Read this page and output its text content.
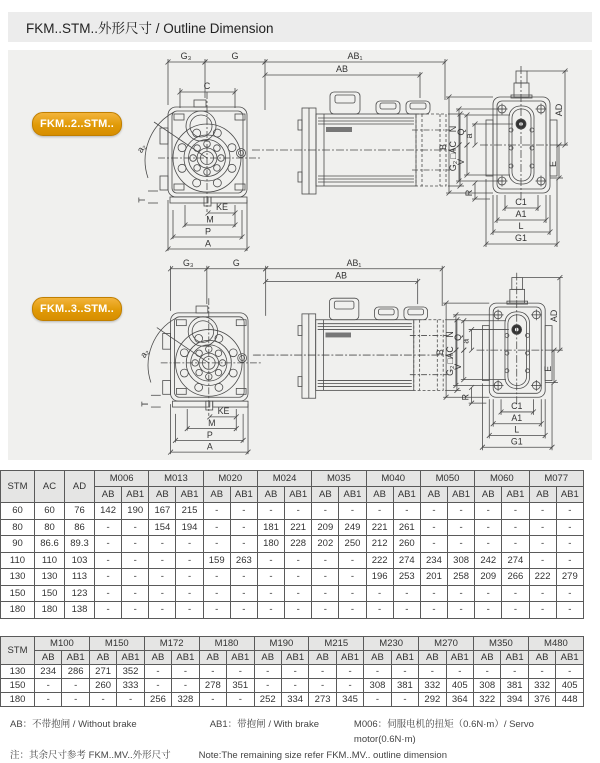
FKM..STM..外形尺寸 / Outline Dimension
a₂
T
KE
M
P
A
G₃	G	AB₁
AB
C
□AC
B
N
Q
a
G₂
V
R
AD
E
C1
A1
L
G1
FKM..2..STM..
a₂
T
KE
M
P
A
G₃	G	AB₁
AB
□AC
B
N
Q
a
G₂
V
R
AD
E
C1
A1
L
G1
FKM..3..STM..
STM	AC	AD	M006		M013		M020		M024		M035		M040		M050		M060		M077	
			AB	AB1	AB	AB1	AB	AB1	AB	AB1	AB	AB1	AB	AB1	AB	AB1	AB	AB1	AB	AB1
60	60	76	142	190	167	215	-	-	-	-	-	-	-	-	-	-	-	-	-	-
80	80	86	-	-	154	194	-	-	181	221	209	249	221	261	-	-	-	-	-	-
90	86.6	89.3	-	-	-	-	-	-	180	228	202	250	212	260	-	-	-	-	-	-
110	110	103	-	-	-	-	159	263	-	-	-	-	222	274	234	308	242	274	-	-
130	130	113	-	-	-	-	-	-	-	-	-	-	196	253	201	258	209	266	222	279
150	150	123	-	-	-	-	-	-	-	-	-	-	-	-	-	-	-	-	-	-
180	180	138	-	-	-	-	-	-	-	-	-	-	-	-	-	-	-	-	-	-
STM	M100		M150		M172		M180		M190		M215		M230		M270		M350		M480	
	AB	AB1	AB	AB1	AB	AB1	AB	AB1	AB	AB1	AB	AB1	AB	AB1	AB	AB1	AB	AB1	AB	AB1
130	234	286	271	352	-	-	-	-	-	-	-	-	-	-	-	-	-	-	-	-
150	-	-	260	333	-	-	278	351	-	-	-	-	308	381	332	405	308	381	332	405
180	-	-	-	-	256	328	-	-	252	334	273	345	-	-	292	364	322	394	376	448
AB：不带抱闸 / Without brake	AB1：带抱闸 / With brake	M006：伺服电机的扭矩（0.6N·m）/ Servo motor(0.6N·m)
注：其余尺寸参考 FKM..MV..外形尺寸	Note:The remaining size refer FKM..MV.. outline dimension
